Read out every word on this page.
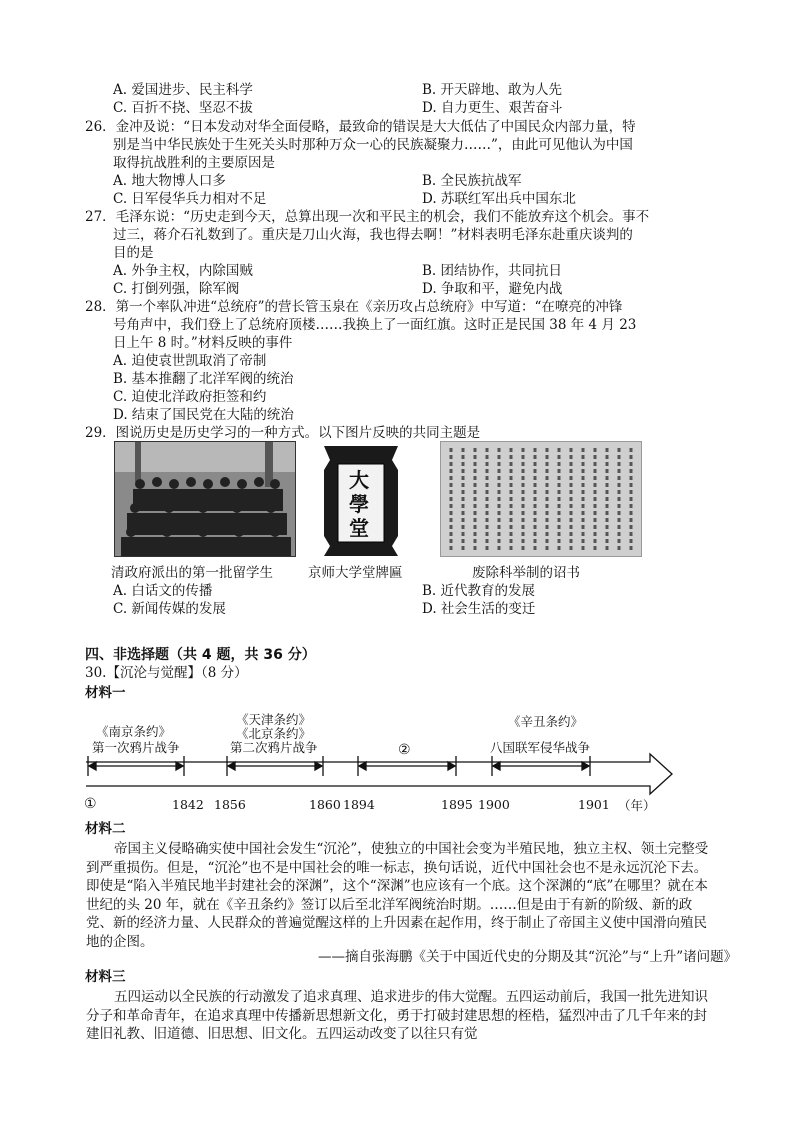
A. 爱国进步、民主科学	B. 开天辟地、敢为人先
C. 百折不挠、坚忍不拔	D. 自力更生、艰苦奋斗
26．金冲及说：“日本发动对华全面侵略，最致命的错误是大大低估了中国民众内部力量，特
别是当中华民族处于生死关头时那种万众一心的民族凝聚力……”，由此可见他认为中国
取得抗战胜利的主要原因是
A. 地大物博人口多	B. 全民族抗战军
C. 日军侵华兵力相对不足	D. 苏联红军出兵中国东北
27．毛泽东说：“历史走到今天，总算出现一次和平民主的机会，我们不能放弃这个机会。事不
过三，蒋介石礼数到了。重庆是刀山火海，我也得去啊！”材料表明毛泽东赴重庆谈判的
目的是
A. 外争主权，内除国贼	B. 团结协作，共同抗日
C. 打倒列强，除军阀	D. 争取和平，避免内战
28．第一个率队冲进“总统府”的营长管玉泉在《亲历攻占总统府》中写道：“在嘹亮的冲锋
号角声中，我们登上了总统府顶楼……我换上了一面红旗。这时正是民国 38 年 4 月 23
日上午 8 时。”材料反映的事件
A. 迫使袁世凯取消了帝制
B. 基本推翻了北洋军阀的统治
C. 迫使北洋政府拒签和约
D. 结束了国民党在大陆的统治
29．图说历史是历史学习的一种方式。以下图片反映的共同主题是
大
學
堂
清政府派出的第一批留学生	京师大学堂牌匾	废除科举制的诏书
A. 白话文的传播	B. 近代教育的发展
C. 新闻传媒的发展	D. 社会生活的变迁
四、非选择题（共 4 题，共 36 分）
30.【沉沦与觉醒】（8 分）
材料一
《南京条约》
第一次鸦片战争
《天津条约》
《北京条约》
第二次鸦片战争	②
《辛丑条约》
八国联军侵华战争
①	1842 1856	1860 1894	1895 1900	1901 （年）
材料二
帝国主义侵略确实使中国社会发生“沉沦”，使独立的中国社会变为半殖民地，独立主权、领土完整受到严重损伤。但是，“沉沦”也不是中国社会的唯一标志，换句话说，近代中国社会也不是永远沉沦下去。即使是“陷入半殖民地半封建社会的深渊”，这个“深渊”也应该有一个底。这个深渊的“底”在哪里？就在本世纪的头 20 年，就在《辛丑条约》签订以后至北洋军阀统治时期。……但是由于有新的阶级、新的政党、新的经济力量、人民群众的普遍觉醒这样的上升因素在起作用，终于制止了帝国主义使中国滑向殖民地的企图。
——摘自张海鹏《关于中国近代史的分期及其“沉沦”与“上升”诸问题》
材料三
五四运动以全民族的行动激发了追求真理、追求进步的伟大觉醒。五四运动前后，我国一批先进知识分子和革命青年，在追求真理中传播新思想新文化，勇于打破封建思想的桎梏，猛烈冲击了几千年来的封建旧礼教、旧道德、旧思想、旧文化。五四运动改变了以往只有觉
